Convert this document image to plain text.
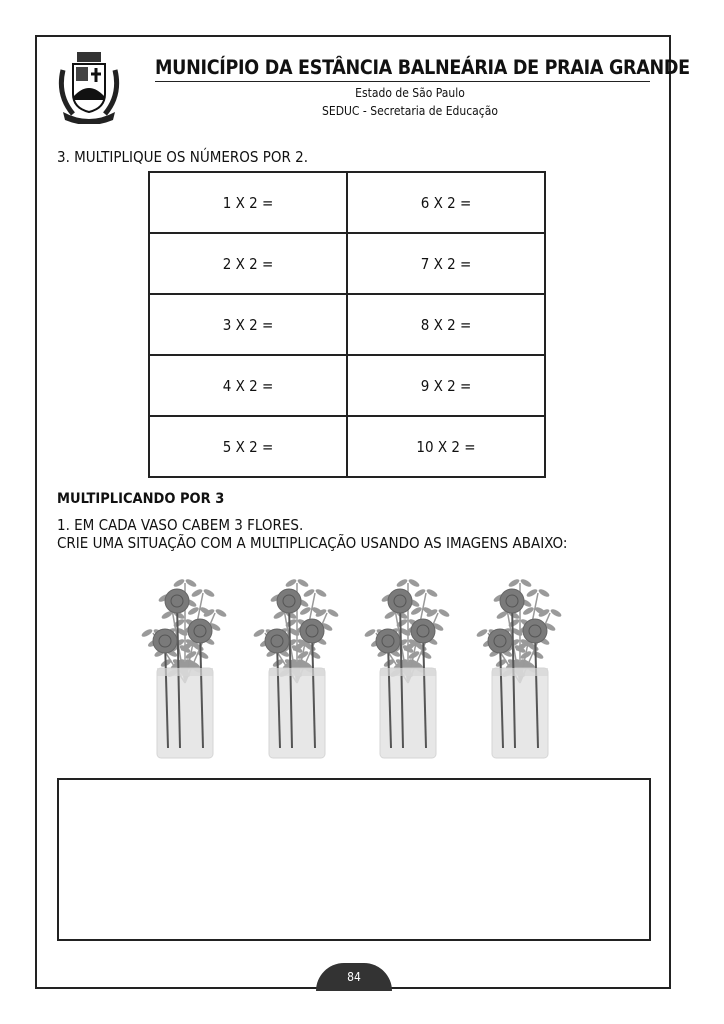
MUNICÍPIO DA ESTÂNCIA BALNEÁRIA DE PRAIA GRANDE
Estado de São Paulo
SEDUC - Secretaria de Educação
3. MULTIPLIQUE OS NÚMEROS POR 2.
1 X 2 =	6 X 2 =
2 X 2 =	7 X 2 =
3 X 2 =	8 X 2 =
4 X 2 =	9 X 2 =
5 X 2 =	10 X 2 =
MULTIPLICANDO POR 3
1. EM CADA VASO CABEM 3 FLORES.
CRIE UMA SITUAÇÃO COM A MULTIPLICAÇÃO USANDO AS IMAGENS ABAIXO:
84
